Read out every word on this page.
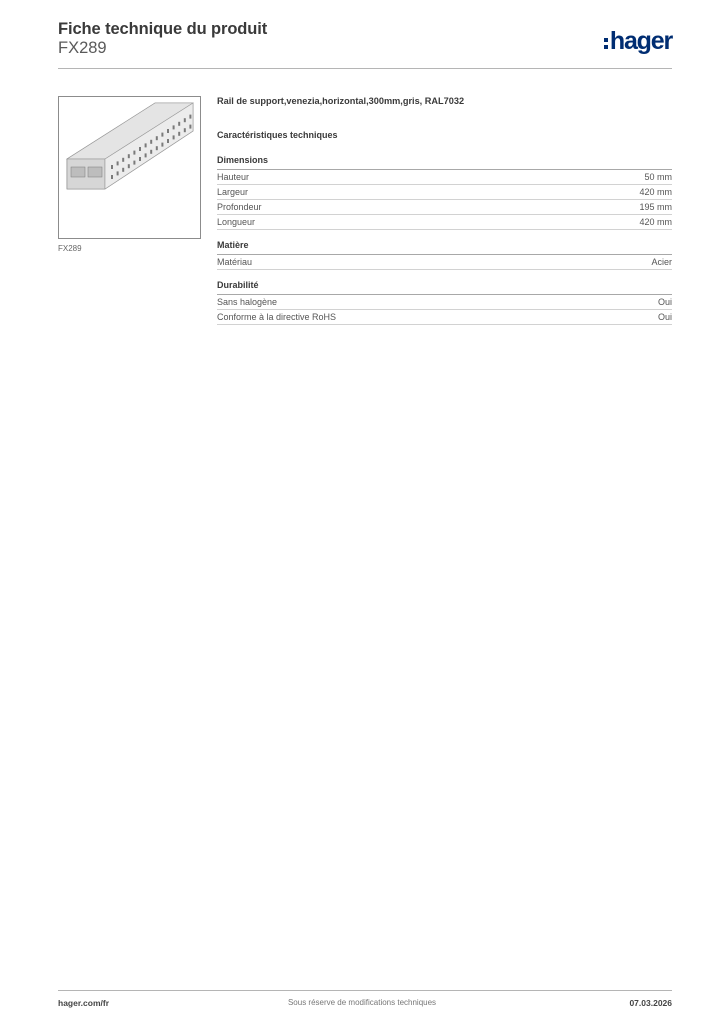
Fiche technique du produit
FX289	hager
FX289
Rail de support,venezia,horizontal,300mm,gris, RAL7032
Caractéristiques techniques
Dimensions
Hauteur	50 mm
Largeur	420 mm
Profondeur	195 mm
Longueur	420 mm
Matière
Matériau	Acier
Durabilité
Sans halogène	Oui
Conforme à la directive RoHS	Oui
hager.com/fr	Sous réserve de modifications techniques	07.03.2026
